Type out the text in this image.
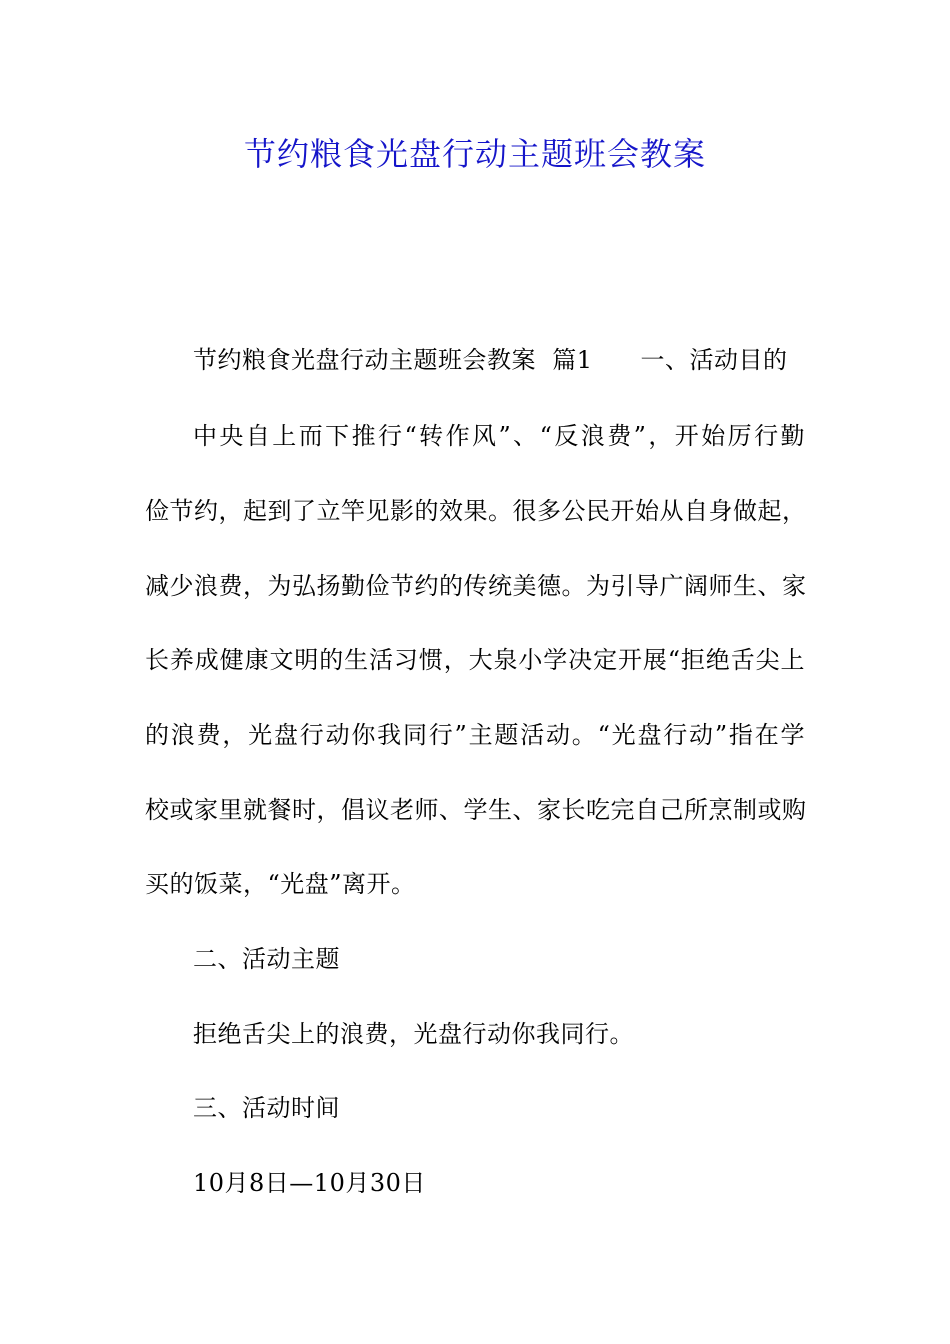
节约粮食光盘行动主题班会教案
节约粮食光盘行动主题班会教案  篇1 一、活动目的
中央自上而下推行“转作风”、“反浪费”，开始厉行勤
俭节约，起到了立竿见影的效果。很多公民开始从自身做起，
减少浪费，为弘扬勤俭节约的传统美德。为引导广阔师生、家
长养成健康文明的生活习惯，大泉小学决定开展“拒绝舌尖上
的浪费，光盘行动你我同行”主题活动。“光盘行动”指在学
校或家里就餐时，倡议老师、学生、家长吃完自己所烹制或购
买的饭菜，“光盘”离开。
二、活动主题
拒绝舌尖上的浪费，光盘行动你我同行。
三、活动时间
10月8日—10月30日
